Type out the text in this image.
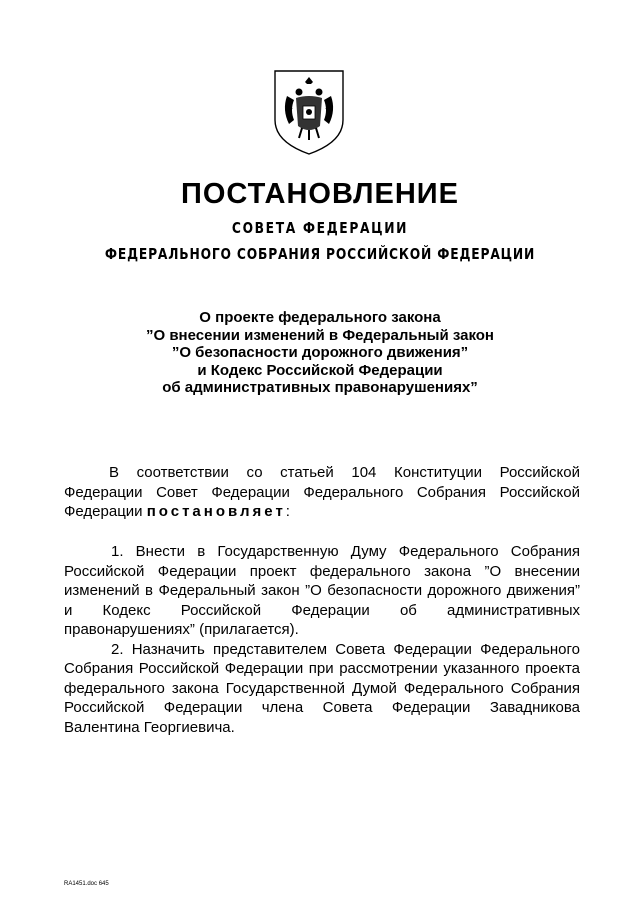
ПОСТАНОВЛЕНИЕ
СОВЕТА ФЕДЕРАЦИИ
ФЕДЕРАЛЬНОГО СОБРАНИЯ РОССИЙСКОЙ ФЕДЕРАЦИИ
О проекте федерального закона
”О внесении изменений в Федеральный закон
”О безопасности дорожного движения”
и Кодекс Российской Федерации
об административных правонарушениях”
В соответствии со статьей 104 Конституции Российской Федерации Совет Федерации Федерального Собрания Российской Федерации постановляет:
1. Внести в Государственную Думу Федерального Собрания Российской Федерации проект федерального закона ”О внесении изменений в Федеральный закон ”О безопасности дорожного движения” и Кодекс Российской Федерации об административных правонарушениях” (прилагается).
2. Назначить представителем Совета Федерации Федерального Собрания Российской Федерации при рассмотрении указанного проекта федерального закона Государственной Думой Федерального Собрания Российской Федерации члена Совета Федерации Завадникова Валентина Георгиевича.
RA1451.doc 645
